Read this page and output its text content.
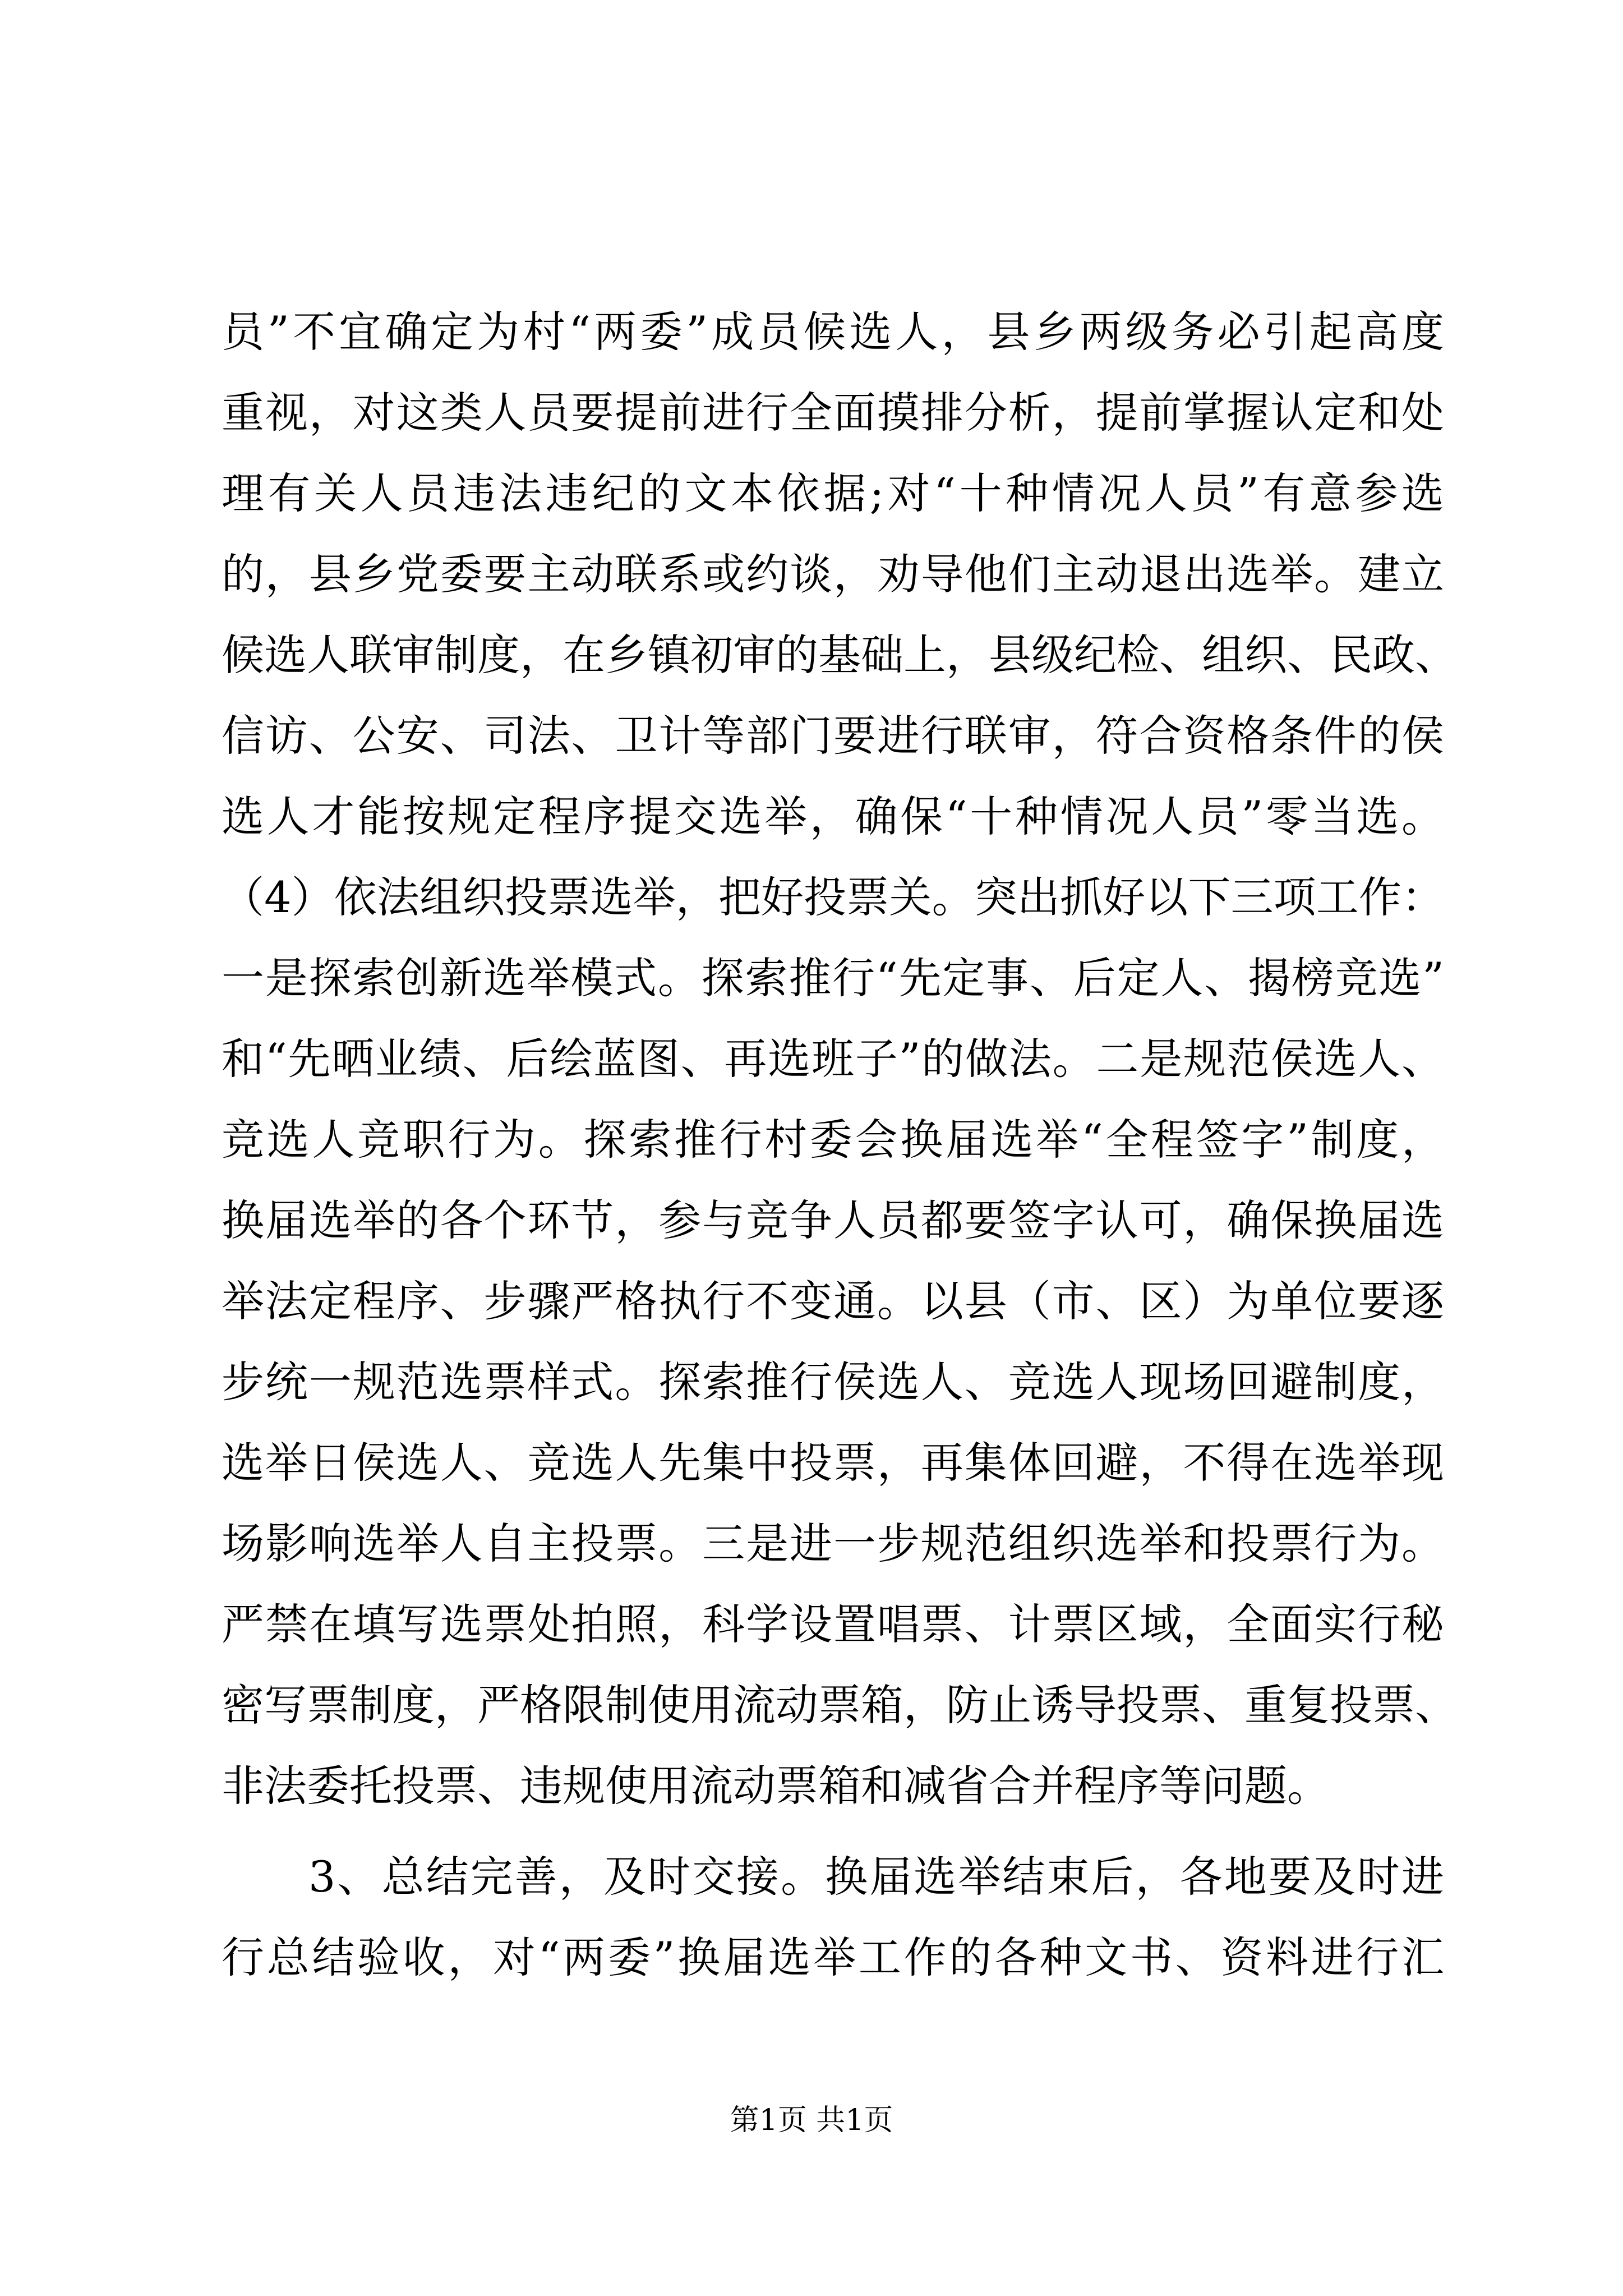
员”不宜确定为村“两委”成员候选人，县乡两级务必引起高度
重视，对这类人员要提前进行全面摸排分析，提前掌握认定和处
理有关人员违法违纪的文本依据;对“十种情况人员”有意参选
的，县乡党委要主动联系或约谈，劝导他们主动退出选举。建立
候选人联审制度，在乡镇初审的基础上，县级纪检、组织、民政、
信访、公安、司法、卫计等部门要进行联审，符合资格条件的侯
选人才能按规定程序提交选举，确保“十种情况人员”零当选。
（4）依法组织投票选举，把好投票关。突出抓好以下三项工作：
一是探索创新选举模式。探索推行“先定事、后定人、揭榜竞选”
和“先晒业绩、后绘蓝图、再选班子”的做法。二是规范侯选人、
竞选人竞职行为。探索推行村委会换届选举“全程签字”制度，
换届选举的各个环节，参与竞争人员都要签字认可，确保换届选
举法定程序、步骤严格执行不变通。以县（市、区）为单位要逐
步统一规范选票样式。探索推行侯选人、竞选人现场回避制度，
选举日侯选人、竞选人先集中投票，再集体回避，不得在选举现
场影响选举人自主投票。三是进一步规范组织选举和投票行为。
严禁在填写选票处拍照，科学设置唱票、计票区域，全面实行秘
密写票制度，严格限制使用流动票箱，防止诱导投票、重复投票、
非法委托投票、违规使用流动票箱和减省合并程序等问题。
3、总结完善，及时交接。换届选举结束后，各地要及时进
行总结验收，对“两委”换届选举工作的各种文书、资料进行汇
第1页 共1页
